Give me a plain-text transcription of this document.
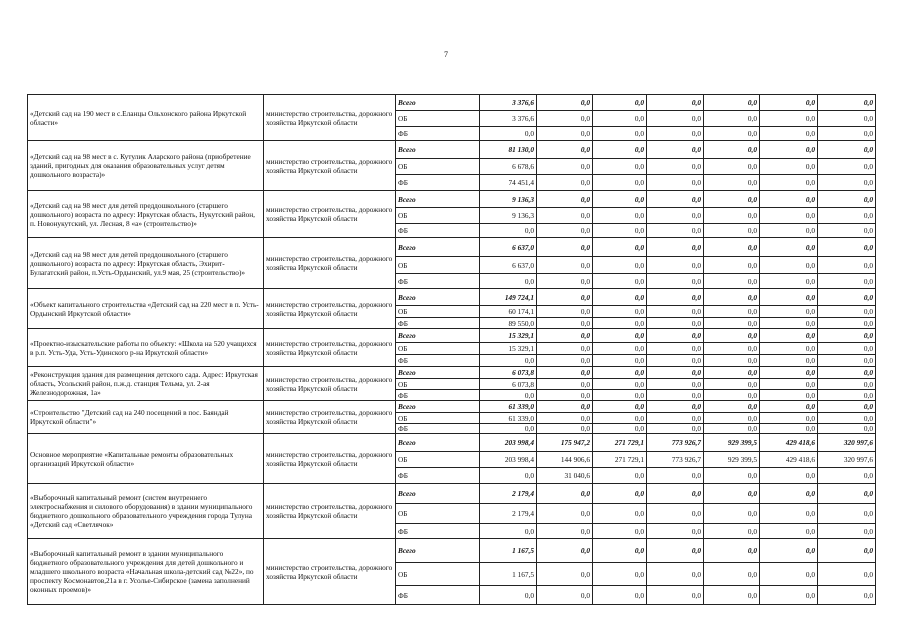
7
«Детский сад на 190 мест в с.Еланцы Ольхонского района Иркутской области»	министерство строительства, дорожного хозяйства Иркутской области	Всего	3 376,6	0,0	0,0	0,0	0,0	0,0	0,0
		ОБ	3 376,6	0,0	0,0	0,0	0,0	0,0	0,0
		ФБ	0,0	0,0	0,0	0,0	0,0	0,0	0,0
«Детский сад на 98 мест в с. Кутулик Аларского района (приобретение зданий, пригодных для оказания образовательных услуг детям дошкольного возраста)»	министерство строительства, дорожного хозяйства Иркутской области	Всего	81 130,0	0,0	0,0	0,0	0,0	0,0	0,0
		ОБ	6 678,6	0,0	0,0	0,0	0,0	0,0	0,0
		ФБ	74 451,4	0,0	0,0	0,0	0,0	0,0	0,0
«Детский сад на 98 мест для детей преддошкольного (старшего дошкольного) возраста по адресу: Иркутская область, Нукутский район, п. Новонукутский, ул. Лесная, 8 «а» (строительство)»	министерство строительства, дорожного хозяйства Иркутской области	Всего	9 136,3	0,0	0,0	0,0	0,0	0,0	0,0
		ОБ	9 136,3	0,0	0,0	0,0	0,0	0,0	0,0
		ФБ	0,0	0,0	0,0	0,0	0,0	0,0	0,0
«Детский сад на 98 мест для детей преддошкольного (старшего дошкольного) возраста по адресу: Иркутская область, Эхирит-Булагатский район, п.Усть-Ордынский, ул.9 мая, 25 (строительство)»	министерство строительства, дорожного хозяйства Иркутской области	Всего	6 637,0	0,0	0,0	0,0	0,0	0,0	0,0
		ОБ	6 637,0	0,0	0,0	0,0	0,0	0,0	0,0
		ФБ	0,0	0,0	0,0	0,0	0,0	0,0	0,0
«Объект капитального строительства «Детский сад на 220 мест в п. Усть-Ордынский Иркутской области»	министерство строительства, дорожного хозяйства Иркутской области	Всего	149 724,1	0,0	0,0	0,0	0,0	0,0	0,0
		ОБ	60 174,1	0,0	0,0	0,0	0,0	0,0	0,0
		ФБ	89 550,0	0,0	0,0	0,0	0,0	0,0	0,0
«Проектно-изыскательские работы по объекту: «Школа на 520 учащихся в р.п. Усть-Уда, Усть-Удинского р-на Иркутской области»	министерство строительства, дорожного хозяйства Иркутской области	Всего	15 329,1	0,0	0,0	0,0	0,0	0,0	0,0
		ОБ	15 329,1	0,0	0,0	0,0	0,0	0,0	0,0
		ФБ	0,0	0,0	0,0	0,0	0,0	0,0	0,0
«Реконструкция здания для размещения детского сада. Адрес: Иркутская область, Усольский район, п.ж.д. станция Тельма, ул. 2-ая Железнодорожная, 1а»	министерство строительства, дорожного хозяйства Иркутской области	Всего	6 073,8	0,0	0,0	0,0	0,0	0,0	0,0
		ОБ	6 073,8	0,0	0,0	0,0	0,0	0,0	0,0
		ФБ	0,0	0,0	0,0	0,0	0,0	0,0	0,0
«Строительство "Детский сад на 240 посещений в пос. Баяндай Иркутской области"»	министерство строительства, дорожного хозяйства Иркутской области	Всего	61 339,0	0,0	0,0	0,0	0,0	0,0	0,0
		ОБ	61 339,0	0,0	0,0	0,0	0,0	0,0	0,0
		ФБ	0,0	0,0	0,0	0,0	0,0	0,0	0,0
Основное мероприятие «Капитальные ремонты образовательных организаций Иркутской области»	министерство строительства, дорожного хозяйства Иркутской области	Всего	203 998,4	175 947,2	271 729,1	773 926,7	929 399,5	429 418,6	320 997,6
		ОБ	203 998,4	144 906,6	271 729,1	773 926,7	929 399,5	429 418,6	320 997,6
		ФБ	0,0	31 040,6	0,0	0,0	0,0	0,0	0,0
«Выборочный капитальный ремонт (систем внутреннего электроснабжения и силового оборудования) в здании муниципального бюджетного дошкольного образовательного учреждения города Тулуна «Детский сад «Светлячок»	министерство строительства, дорожного хозяйства Иркутской области	Всего	2 179,4	0,0	0,0	0,0	0,0	0,0	0,0
		ОБ	2 179,4	0,0	0,0	0,0	0,0	0,0	0,0
		ФБ	0,0	0,0	0,0	0,0	0,0	0,0	0,0
«Выборочный капитальный ремонт в здании муниципального бюджетного образовательного учреждения для детей дошкольного и младшего школьного возраста «Начальная школа-детский сад №22», по проспекту Космонавтов,21а в г. Усолье-Сибирское (замена заполнений оконных проемов)»	министерство строительства, дорожного хозяйства Иркутской области	Всего	1 167,5	0,0	0,0	0,0	0,0	0,0	0,0
		ОБ	1 167,5	0,0	0,0	0,0	0,0	0,0	0,0
		ФБ	0,0	0,0	0,0	0,0	0,0	0,0	0,0
